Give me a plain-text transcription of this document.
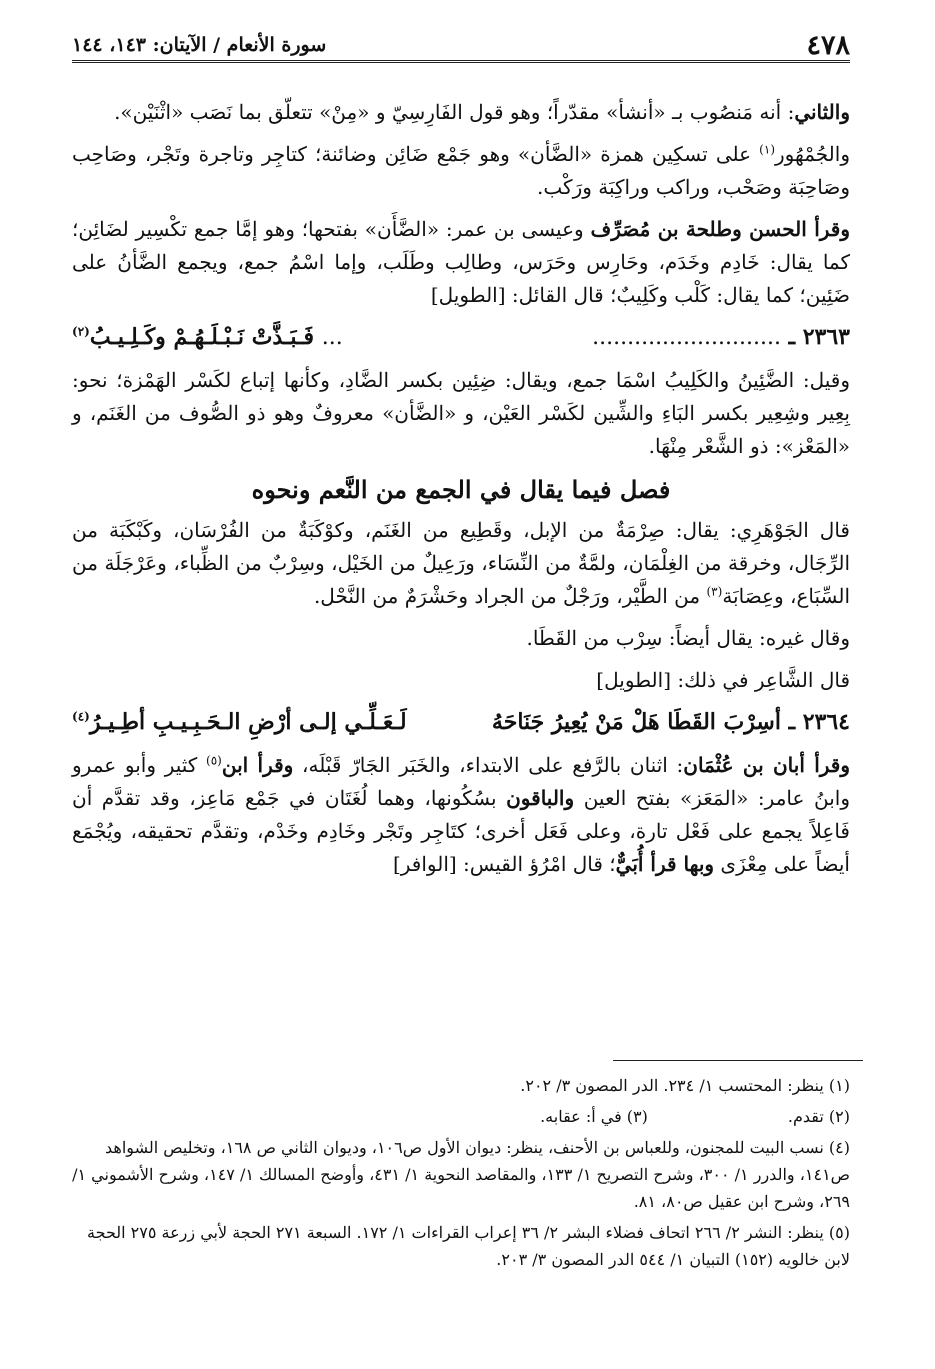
٤٧٨
سورة الأنعام / الآيتان: ١٤٣، ١٤٤

والثاني: أنه مَنصُوب بـ «أنشأ» مقدّراً؛ وهو قول الفَارِسِيّ و «مِنْ» تتعلّق بما نَصَب «اثْنَيْن».

والجُمْهُور$^{(١)}$ على تسكِين همزة «الضَّأن» وهو جَمْع ضَائِن وضائنة؛ كتاجِر وتاجرة وتَجْر، وصَاحِب وصَاحِبَة وصَحْب، وراكب وراكِبَة ورَكْب.

وقرأ الحسن وطلحة بن مُصَرِّف وعيسى بن عمر: «الضَّأَن» بفتحها؛ وهو إمَّا جمع تكْسِير لضَائِن؛ كما يقال: خَادِم وخَدَم، وحَارِس وحَرَس، وطالِب وطَلَب، وإما اسْمُ جمع، ويجمع الضَّأنُ على ضَئِين؛ كما يقال: كَلْب وكَلِيبٌ؛ قال القائل: [الطويل]

٢٣٦٣ ـ ...........................
... فَـبَـذَّتْ نَـبْـلَـهُـمْ وكَـلِـيـبُ$^{(٢)}$

وقيل: الضَّئِينُ والكَلِيبُ اسْمَا جمع، ويقال: ضِئِين بكسر الضَّادِ، وكأنها إتباع لكَسْر الهَمْزة؛ نحو: بِعِير وشِعِير بكسر البَاءِ والشِّين لكَسْر العَيْن، و «الضَّأن» معروفٌ وهو ذو الصُّوف من الغَنَم، و «المَعْز»: ذو الشَّعْر مِنْهَا.

فصل فيما يقال في الجمع من النَّعم ونحوه

قال الجَوْهَرِي: يقال: صِرْمَةٌ من الإبل، وقَطِيع من الغَنَم، وكوْكَبَةٌ من الفُرْسَان، وكَبْكَبَة من الرِّجَال، وخرقة من الغِلْمَان، ولمَّةٌ من النِّسَاء، ورَعِيلٌ من الخَيْل، وسِرْبٌ من الظِّباء، وعَرْجَلَة من السِّبَاع، وعِصَابَة$^{(٣)}$ من الطَّيْر، ورَجْلٌ من الجراد وحَشْرَمٌ من النَّحْل.

وقال غيره: يقال أيضاً: سِرْب من القَطَا.

قال الشَّاعِر في ذلك: [الطويل]

٢٣٦٤ ـ أسِرْبَ القَطَا هَلْ مَنْ يُعِيرُ جَنَاحَهُ
لَـعَـلِّـي إلـى أرْضِ الـحَـبِـيـبِ أطِـيـرُ$^{(٤)}$

وقرأ أبان بن عُثْمَان: اثنان بالرَّفع على الابتداء، والخَبَر الجَارّ قَبْلَه، وقرأ ابن$^{(٥)}$ كثير وأبو عمرو وابنُ عامر: «المَعَز» بفتح العين والباقون بسُكُونها، وهما لُغَتَان في جَمْع مَاعِز، وقد تقدَّم أن فَاعِلاً يجمع على فَعْل تارة، وعلى فَعَل أخرى؛ كتَاجِر وتَجْر وخَادِم وخَدْم، وتقدَّم تحقيقه، ويُجْمَع أيضاً على مِعْزَى وبها قرأ أُبَيٌّ؛ قال امْرُؤ القيس: [الوافر]

(١) ينظر: المحتسب ١/ ٢٣٤. الدر المصون ٣/ ٢٠٢.

(٢) تقدم.
(٣) في أ: عقابه.

(٤) نسب البيت للمجنون، وللعباس بن الأحنف، ينظر: ديوان الأول ص١٠٦، وديوان الثاني ص ١٦٨، وتخليص الشواهد ص١٤١، والدرر ١/ ٣٠٠، وشرح التصريح ١/ ١٣٣، والمقاصد النحوية ١/ ٤٣١، وأوضح المسالك ١/ ١٤٧، وشرح الأشموني ١/ ٢٦٩، وشرح ابن عقيل ص٨٠، ٨١.

(٥) ينظر: النشر ٢/ ٢٦٦ اتحاف فضلاء البشر ٢/ ٣٦ إعراب القراءات ١/ ١٧٢. السبعة ٢٧١ الحجة لأبي زرعة ٢٧٥ الحجة لابن خالويه (١٥٢) التبيان ١/ ٥٤٤ الدر المصون ٣/ ٢٠٣.
